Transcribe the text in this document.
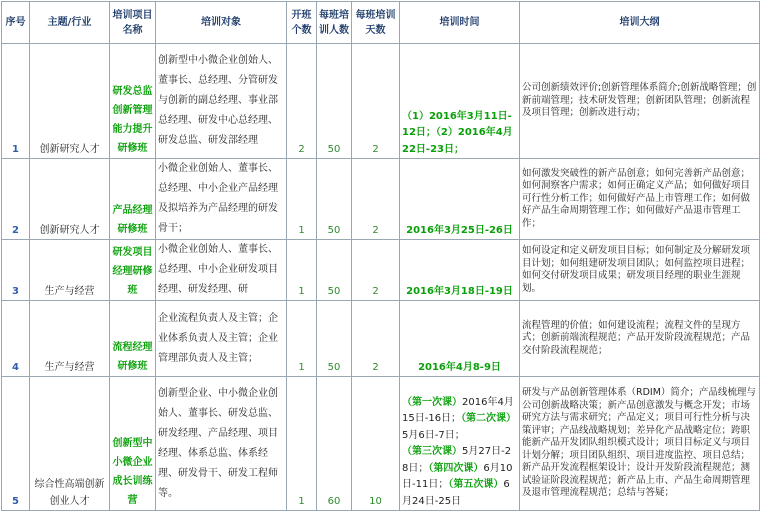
序号	主题/行业	培训项目名称	培训对象	开班个数	每班培训人数	每班培训天数	培训时间	培训大纲
1	创新研究人才	研发总监创新管理能力提升研修班	创新型中小微企业创始人、董事长、总经理、分管研发与创新的副总经理、事业部总经理、研发中心总经理、研发总监、研发部经理	2	50	2	（1）2016年3月11日-12日；（2）2016年4月22日-23日；	公司创新绩效评价;创新管理体系简介;创新战略管理；创新前端管理；技术研发管理；创新团队管理；创新流程及项目管理；创新改进行动；
2	创新研究人才	产品经理研修班	小微企业创始人、董事长、总经理、中小企业产品经理及拟培养为产品经理的研发骨干；	1	50	2	2016年3月25日-26日	如何激发突破性的新产品创意；如何完善新产品创意；如何洞察客户需求；如何正确定义产品；如何做好项目可行性分析工作；如何做好产品上市管理工作；如何做好产品生命周期管理工作；如何做好产品退市管理工作；
3	生产与经营	研发项目经理研修班	小微企业创始人、董事长、总经理、中小企业研发项目经理、研发经理、研	1	50	2	2016年3月18日-19日	如何设定和定义研发项目目标；如何制定及分解研发项目计划；如何组建研发项目团队；如何监控项目进程；如何交付研发项目成果；研发项目经理的职业生涯规划。
4	生产与经营	流程经理研修班	企业流程负责人及主管；企业体系负责人及主管；企业管理部负责人及主管；	1	50	2	2016年4月8-9日	流程管理的价值；如何建设流程；流程文件的呈现方式；创新前端流程规范；产品开发阶段流程规范；产品交付阶段流程规范；
5	综合性高端创新创业人才	创新型中小微企业成长训练营	创新型企业、中小微企业创始人、董事长、研发总监、研发经理、产品经理、项目经理、体系总监、体系经理、研发骨干、研发工程师等。	1	60	10	（第一次课）2016年4月15日-16日；（第二次课）5月6日-7日；（第三次课）5月27日-28日；（第四次课）6月10日-11日；（第五次课）6月24日-25日	研发与产品创新管理体系（RDIM）简介；产品线梳理与公司创新战略决策；新产品创意激发与概念开发；市场研究方法与需求研究；产品定义；项目可行性分析与决策评审；产品线战略规划；差异化产品战略定位；跨职能新产品开发团队组织模式设计；项目目标定义与项目计划分解；项目团队组织、项目进度监控、项目总结；新产品开发流程框架设计；设计开发阶段流程规范；测试验证阶段流程规范；新产品上市、产品生命周期管理及退市管理流程规范；总结与答疑；
